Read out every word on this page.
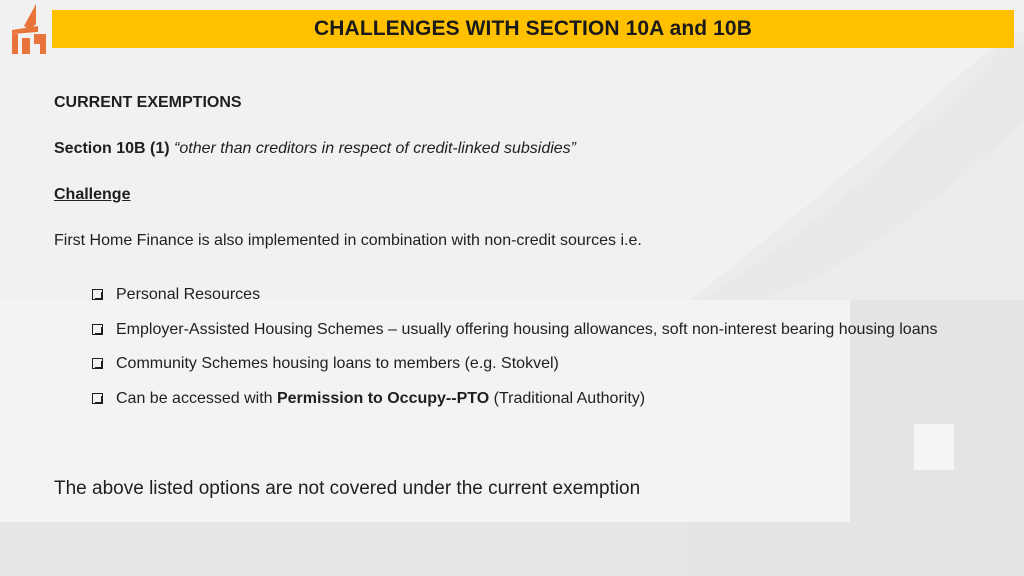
CHALLENGES WITH SECTION 10A and 10B
CURRENT EXEMPTIONS
Section 10B (1) “other than creditors in respect of credit-linked subsidies”
Challenge
First Home Finance is also implemented in combination with non-credit sources i.e.
Personal Resources
Employer-Assisted Housing Schemes – usually offering housing allowances, soft non-interest bearing housing loans
Community Schemes housing loans to members (e.g. Stokvel)
Can be accessed with Permission to Occupy--PTO (Traditional Authority)
The above listed options are not covered under the current exemption
